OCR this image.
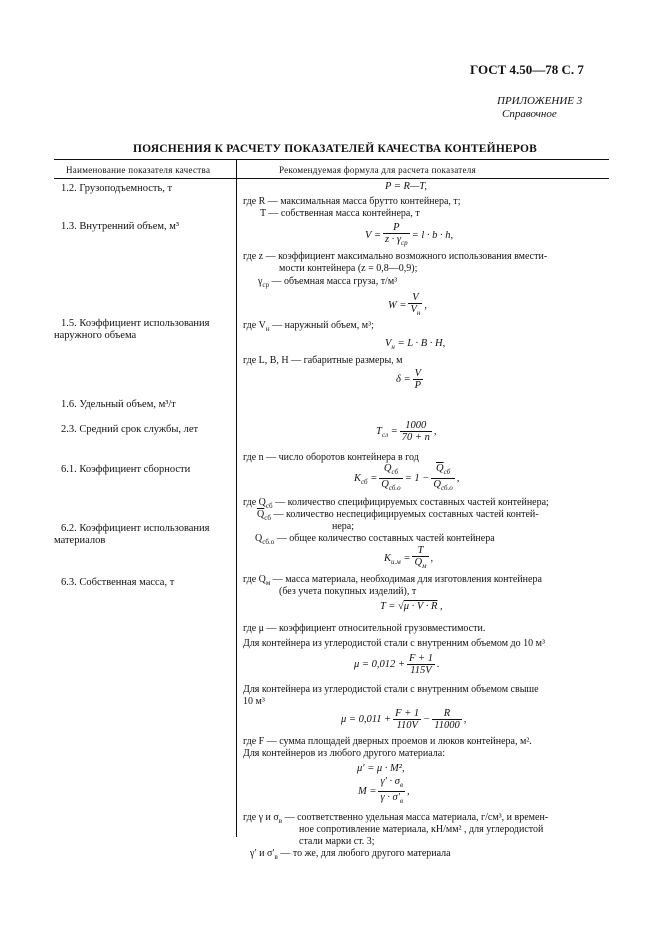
ГОСТ 4.50—78 С. 7
ПРИЛОЖЕНИЕ 3
Справочное
ПОЯСНЕНИЯ К РАСЧЕТУ ПОКАЗАТЕЛЕЙ КАЧЕСТВА КОНТЕЙНЕРОВ
Наименование показателя качества	Рекомендуемая формула для расчета показателя
1.2. Грузоподъемность, т
1.3. Внутренний объем, м³
1.5. Коэффициент использования
наружного объема
1.6. Удельный объем, м³/т
2.3. Средний срок службы, лет
6.1. Коэффициент сборности
6.2. Коэффициент использования
материалов
6.3. Собственная масса, т
P = R—T,
где R — максимальная масса брутто контейнера, т;
T — собственная масса контейнера, т
$V = \frac{P}{z \cdot \gamma_{ср}} = l \cdot b \cdot h$,
где z — коэффициент максимально возможного использования вмести-
мости контейнера (z = 0,8—0,9);
$\gamma_{ср}$ — объемная масса груза, т/м³
$W = \frac{V}{V_н}$ ,
где $V_н$ — наружный объем, м³;
$V_н = L \cdot B \cdot H$,
где L, B, H — габаритные размеры, м
$\delta = \frac{V}{P}$
$T_{сл} = \frac{1000}{70 + n}$ ,
где n — число оборотов контейнера в год
$K_{сб} = \frac{Q_{сб}}{Q_{сб.о}} = 1 - \frac{\overline{Q}_{сб}}{Q_{сб.о}}$ ,
где $Q_{сб}$ — количество специфицируемых составных частей контейнера;
$\overline{Q}_{сб}$ — количество неспецифицируемых составных частей контей-
нера;
$Q_{сб.о}$ — общее количество составных частей контейнера
$K_{и.м} = \frac{T}{Q_м}$ ,
где $Q_м$ — масса материала, необходимая для изготовления контейнера
(без учета покупных изделий), т
T = √μ · V · R ,
где μ — коэффициент относительной грузовместимости.
Для контейнера из углеродистой стали с внутренним объемом до 10 м³
$\mu = 0,012 + \frac{F + 1}{115V}$ .
Для контейнера из углеродистой стали с внутренним объемом свыше
10 м³
$\mu = 0,011 + \frac{F + 1}{110V} - \frac{R}{11000}$ ,
где F — сумма площадей дверных проемов и люков контейнера, м².
Для контейнеров из любого другого материала:
μ′ = μ · M²,
$M = \frac{\gamma' \cdot \sigma_в}{\gamma \cdot \sigma'_в}$ ,
где γ и $\sigma_в$ — соответственно удельная масса материала, г/см³, и времен-
ное сопротивление материала, кН/мм² , для углеродистой
стали марки ст. 3;
γ′ и $\sigma'_в$ — то же, для любого другого материала
